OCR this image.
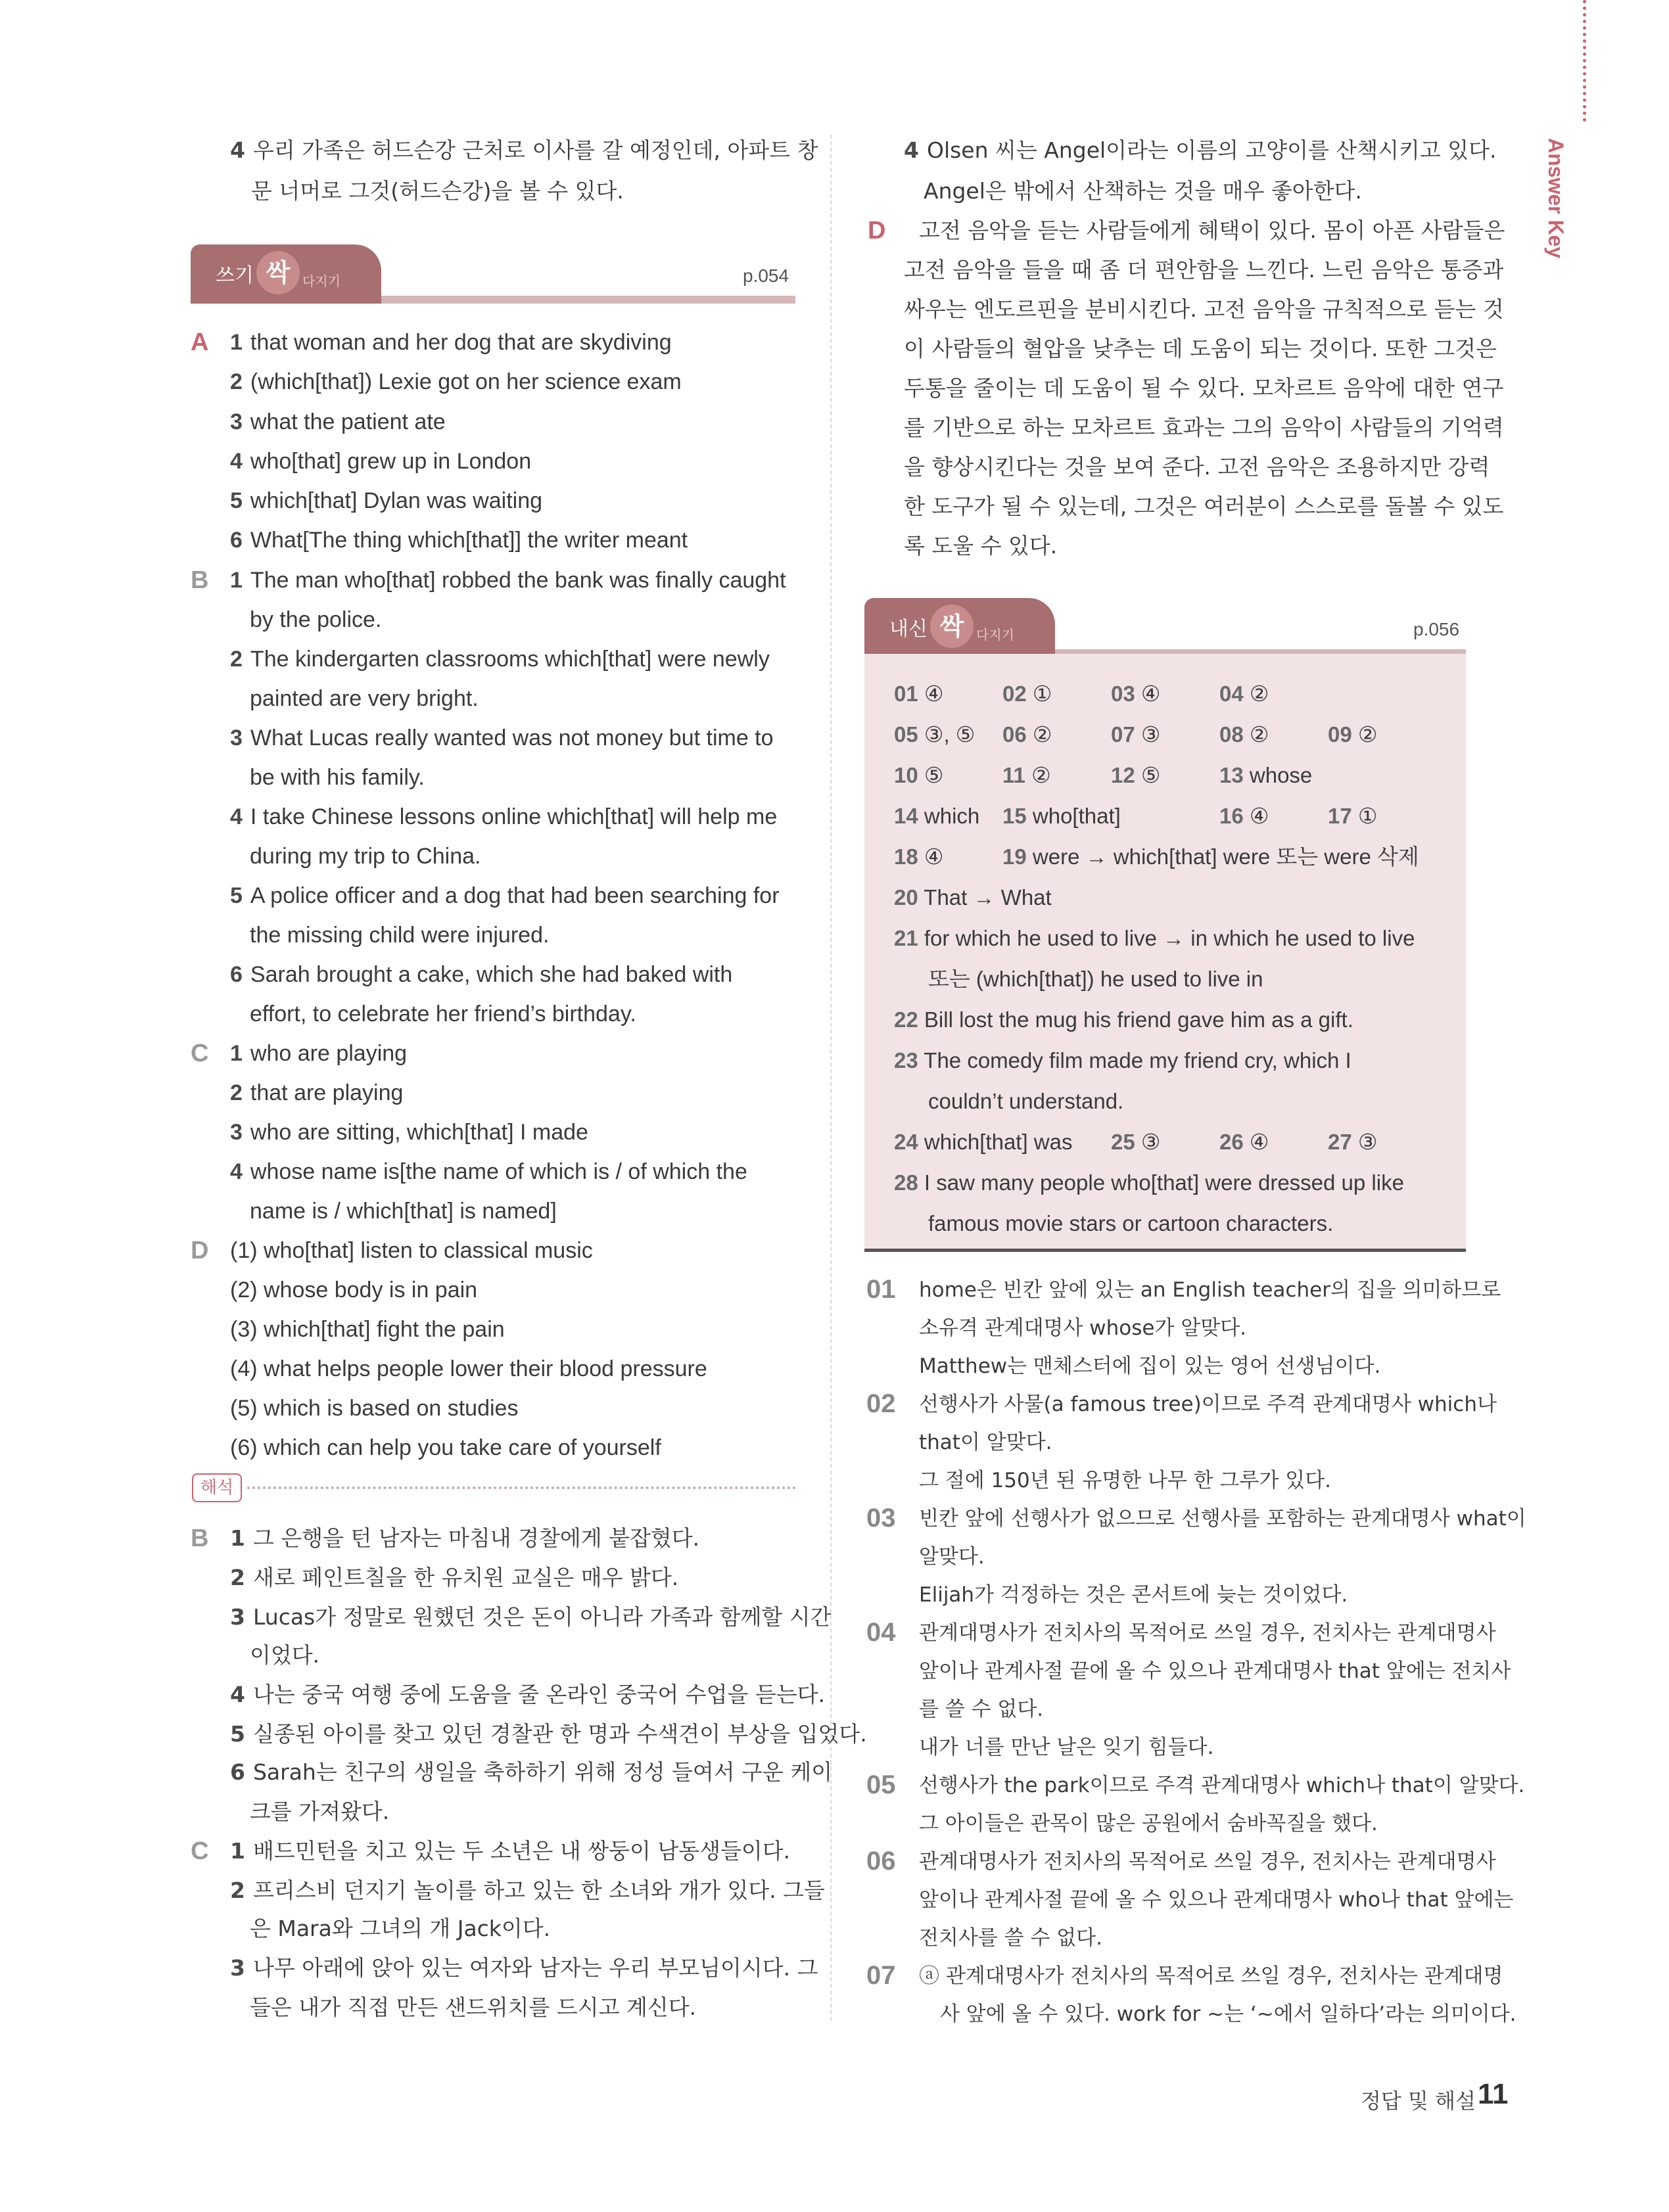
Answer Key
4 우리 가족은 허드슨강 근처로 이사를 갈 예정인데, 아파트 창
문 너머로 그것(허드슨강)을 볼 수 있다.
쓰기 싹 다지기	p.054
A 1 that woman and her dog that are skydiving
2 (which[that]) Lexie got on her science exam
3 what the patient ate
4 who[that] grew up in London
5 which[that] Dylan was waiting
6 What[The thing which[that]] the writer meant
B 1 The man who[that] robbed the bank was finally caught
by the police.
2 The kindergarten classrooms which[that] were newly
painted are very bright.
3 What Lucas really wanted was not money but time to
be with his family.
4 I take Chinese lessons online which[that] will help me
during my trip to China.
5 A police officer and a dog that had been searching for
the missing child were injured.
6 Sarah brought a cake, which she had baked with
effort, to celebrate her friend’s birthday.
C 1 who are playing
2 that are playing
3 who are sitting, which[that] I made
4 whose name is[the name of which is / of which the
name is / which[that] is named]
D (1) who[that] listen to classical music
(2) whose body is in pain
(3) which[that] fight the pain
(4) what helps people lower their blood pressure
(5) which is based on studies
(6) which can help you take care of yourself
해석
B 1 그 은행을 턴 남자는 마침내 경찰에게 붙잡혔다.
2 새로 페인트칠을 한 유치원 교실은 매우 밝다.
3 Lucas가 정말로 원했던 것은 돈이 아니라 가족과 함께할 시간
이었다.
4 나는 중국 여행 중에 도움을 줄 온라인 중국어 수업을 듣는다.
5 실종된 아이를 찾고 있던 경찰관 한 명과 수색견이 부상을 입었다.
6 Sarah는 친구의 생일을 축하하기 위해 정성 들여서 구운 케이
크를 가져왔다.
C 1 배드민턴을 치고 있는 두 소년은 내 쌍둥이 남동생들이다.
2 프리스비 던지기 놀이를 하고 있는 한 소녀와 개가 있다. 그들
은 Mara와 그녀의 개 Jack이다.
3 나무 아래에 앉아 있는 여자와 남자는 우리 부모님이시다. 그
들은 내가 직접 만든 샌드위치를 드시고 계신다.
4 Olsen 씨는 Angel이라는 이름의 고양이를 산책시키고 있다.
Angel은 밖에서 산책하는 것을 매우 좋아한다.
D 고전 음악을 듣는 사람들에게 혜택이 있다. 몸이 아픈 사람들은
고전 음악을 들을 때 좀 더 편안함을 느낀다. 느린 음악은 통증과
싸우는 엔도르핀을 분비시킨다. 고전 음악을 규칙적으로 듣는 것
이 사람들의 혈압을 낮추는 데 도움이 되는 것이다. 또한 그것은
두통을 줄이는 데 도움이 될 수 있다. 모차르트 음악에 대한 연구
를 기반으로 하는 모차르트 효과는 그의 음악이 사람들의 기억력
을 향상시킨다는 것을 보여 준다. 고전 음악은 조용하지만 강력
한 도구가 될 수 있는데, 그것은 여러분이 스스로를 돌볼 수 있도
록 도울 수 있다.
내신 싹 다지기	p.056
01 ④	02 ①	03 ④	04 ②
05 ③, ⑤ 06 ②	07 ③	08 ②	09 ②
10 ⑤	11 ②	12 ⑤	13 whose
14 which 15 who[that]	16 ④	17 ①
18 ④	19 were → which[that] were 또는 were 삭제
20 That → What
21 for which he used to live → in which he used to live
또는 (which[that]) he used to live in
22 Bill lost the mug his friend gave him as a gift.
23 The comedy film made my friend cry, which I
couldn’t understand.
24 which[that] was 25 ③	26 ④	27 ③
28 I saw many people who[that] were dressed up like
famous movie stars or cartoon characters.
01 home은 빈칸 앞에 있는 an English teacher의 집을 의미하므로
소유격 관계대명사 whose가 알맞다.
Matthew는 맨체스터에 집이 있는 영어 선생님이다.
02 선행사가 사물(a famous tree)이므로 주격 관계대명사 which나
that이 알맞다.
그 절에 150년 된 유명한 나무 한 그루가 있다.
03 빈칸 앞에 선행사가 없으므로 선행사를 포함하는 관계대명사 what이
알맞다.
Elijah가 걱정하는 것은 콘서트에 늦는 것이었다.
04 관계대명사가 전치사의 목적어로 쓰일 경우, 전치사는 관계대명사
앞이나 관계사절 끝에 올 수 있으나 관계대명사 that 앞에는 전치사
를 쓸 수 없다.
내가 너를 만난 날은 잊기 힘들다.
05 선행사가 the park이므로 주격 관계대명사 which나 that이 알맞다.
그 아이들은 관목이 많은 공원에서 숨바꼭질을 했다.
06 관계대명사가 전치사의 목적어로 쓰일 경우, 전치사는 관계대명사
앞이나 관계사절 끝에 올 수 있으나 관계대명사 who나 that 앞에는
전치사를 쓸 수 없다.
07 ⓐ 관계대명사가 전치사의 목적어로 쓰일 경우, 전치사는 관계대명
사 앞에 올 수 있다. work for ~는 ‘~에서 일하다’라는 의미이다.
정답 및 해설 11
